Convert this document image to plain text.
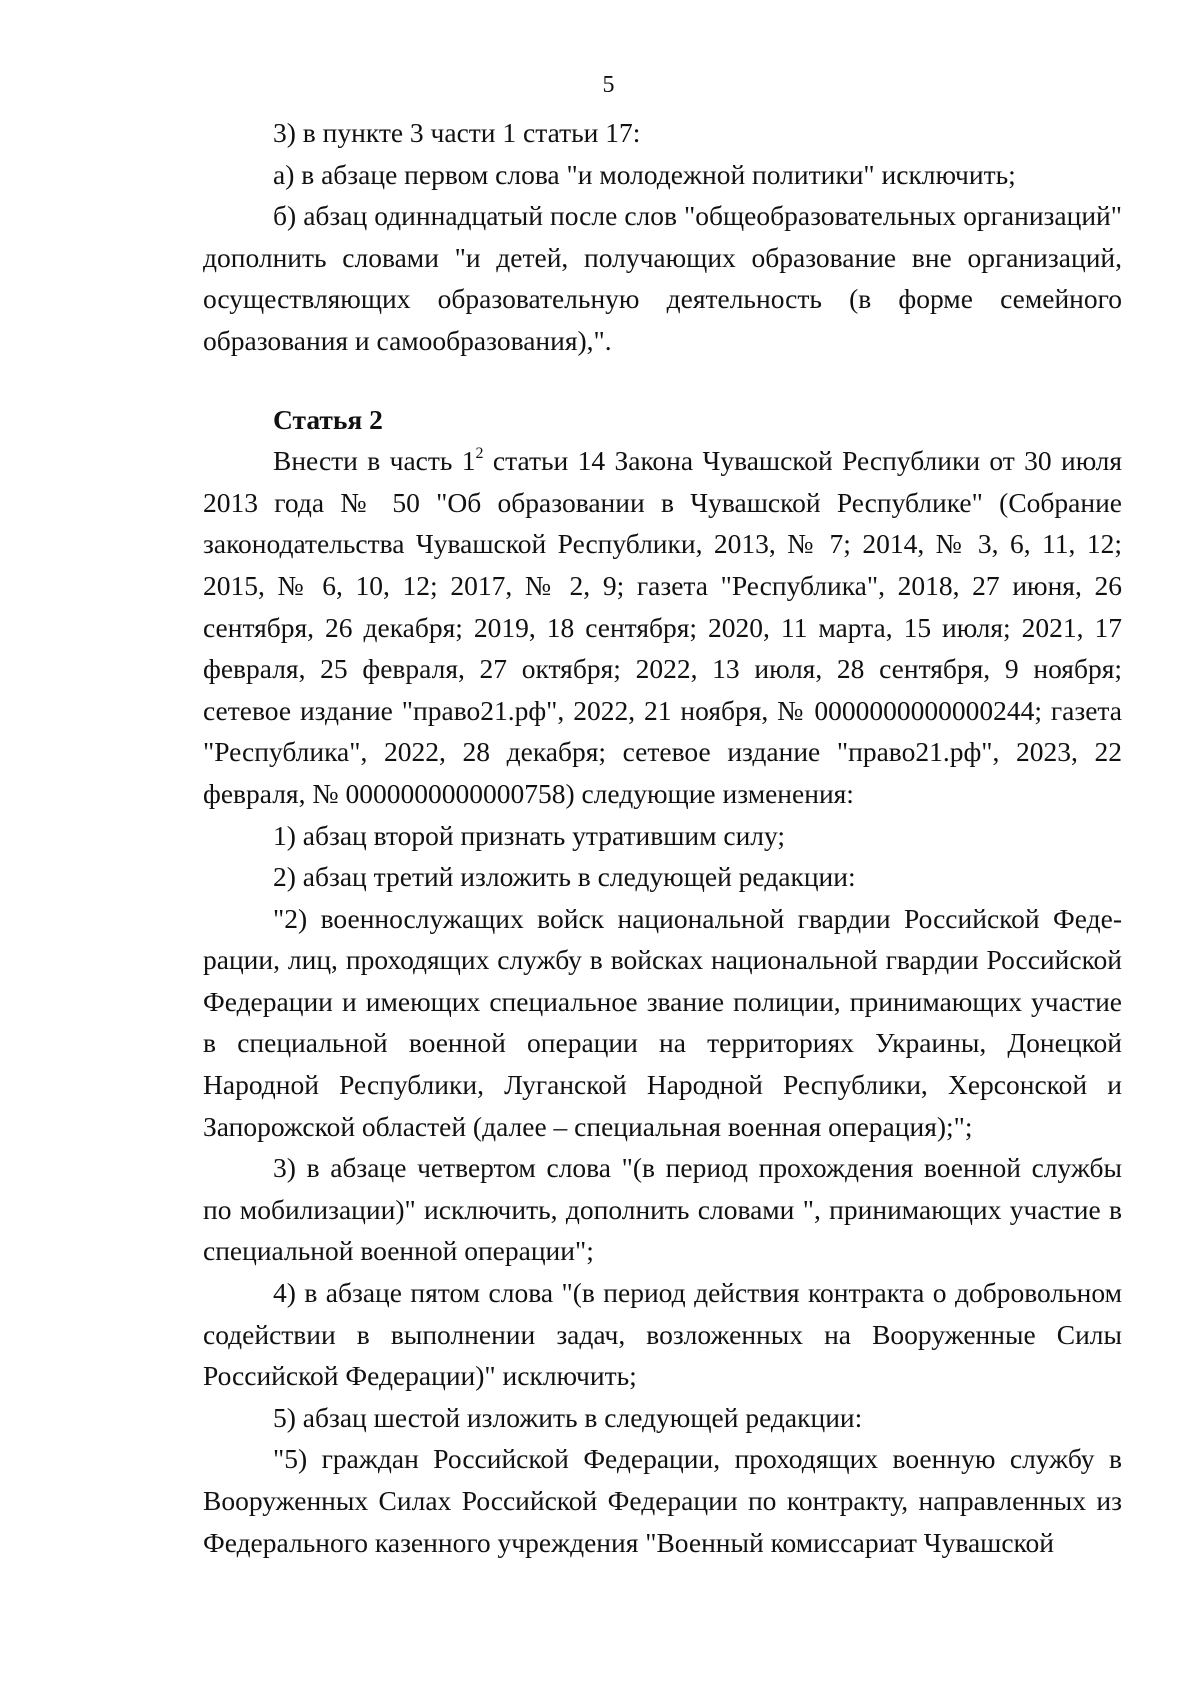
5

3) в пункте 3 части 1 статьи 17:

а) в абзаце первом слова "и молодежной политики" исключить;

б) абзац одиннадцатый после слов "общеобразовательных организаций" дополнить словами "и детей, получающих образование вне организаций, осуществляющих образовательную деятельность (в форме семейного образования и самообразования),".

Статья 2

Внести в часть $1^2$ статьи 14 Закона Чувашской Республики от 30 июля 2013 года № 50 "Об образовании в Чувашской Республике" (Собрание законодательства Чувашской Республики, 2013, № 7; 2014, № 3, 6, 11, 12; 2015, № 6, 10, 12; 2017, № 2, 9; газета "Республика", 2018, 27 июня, 26 сентября, 26 декабря; 2019, 18 сентября; 2020, 11 марта, 15 июля; 2021, 17 февраля, 25 февраля, 27 октября; 2022, 13 июля, 28 сентября, 9 ноября; сетевое издание "право21.рф", 2022, 21 ноября, № 0000000000000244; газета "Республика", 2022, 28 декабря; сетевое издание "право21.рф", 2023, 22 февраля, № 0000000000000758) следующие изменения:

1) абзац второй признать утратившим силу;

2) абзац третий изложить в следующей редакции:

"2) военнослужащих войск национальной гвардии Российской Федерации, лиц, проходящих службу в войсках национальной гвардии Российской Федерации и имеющих специальное звание полиции, принимающих участие в специальной военной операции на территориях Украины, Донецкой Народной Республики, Луганской Народной Республики, Херсонской и Запорожской областей (далее – специальная военная операция);";

3) в абзаце четвертом слова "(в период прохождения военной службы по мобилизации)" исключить, дополнить словами ", принимающих участие в специальной военной операции";

4) в абзаце пятом слова "(в период действия контракта о добровольном содействии в выполнении задач, возложенных на Вооруженные Силы Российской Федерации)" исключить;

5) абзац шестой изложить в следующей редакции:

"5) граждан Российской Федерации, проходящих военную службу в Вооруженных Силах Российской Федерации по контракту, направленных из Федерального казенного учреждения "Военный комиссариат Чувашской
